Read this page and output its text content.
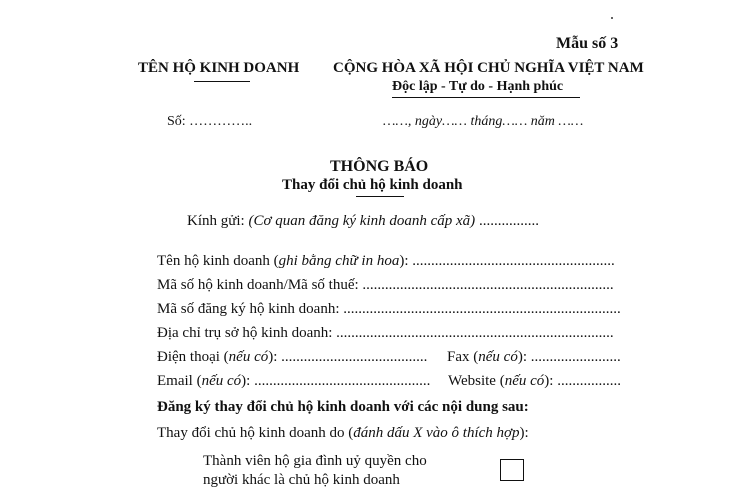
Mẫu số 3
TÊN HỘ KINH DOANH CỘNG HÒA XÃ HỘI CHỦ NGHĨA VIỆT NAM
Độc lập - Tự do - Hạnh phúc
Số: …………..	……, ngày…… tháng…… năm ……
THÔNG BÁO
Thay đổi chủ hộ kinh doanh
Kính gửi: (Cơ quan đăng ký kinh doanh cấp xã) ................
Tên hộ kinh doanh (ghi bằng chữ in hoa): ......................................................
Mã số hộ kinh doanh/Mã số thuế: ...................................................................
Mã số đăng ký hộ kinh doanh: ..........................................................................
Địa chỉ trụ sở hộ kinh doanh: ..........................................................................
Điện thoại (nếu có): ....................................... Fax (nếu có): ........................
Email (nếu có): ............................................... Website (nếu có): .................
Đăng ký thay đổi chủ hộ kinh doanh với các nội dung sau:
Thay đổi chủ hộ kinh doanh do (đánh dấu X vào ô thích hợp):
Thành viên hộ gia đình uỷ quyền cho
người khác là chủ hộ kinh doanh
